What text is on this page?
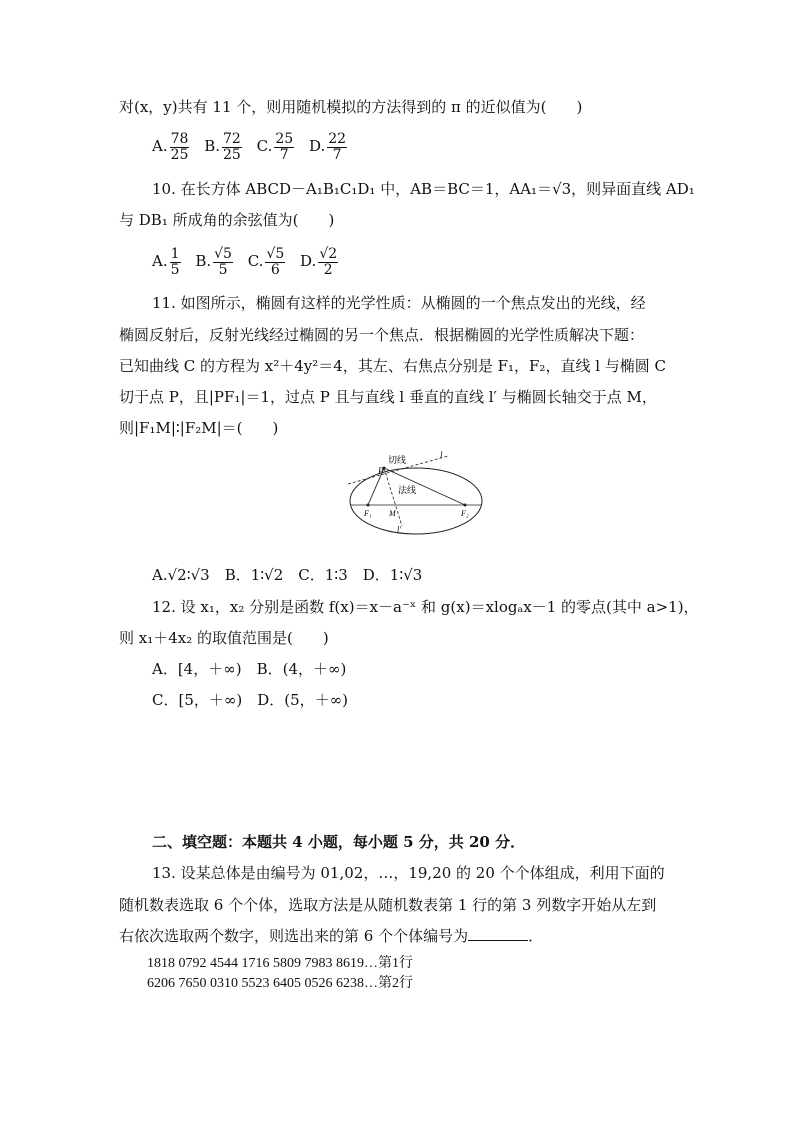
对(x，y)共有 11 个，则用随机模拟的方法得到的 π 的近似值为(　　)
A. $\frac{78}{25} B$. $\frac{72}{25} C$. $\frac{25}{7} D$. $\frac{22}{7}$
10. 在长方体 ABCD－A₁B₁C₁D₁ 中，AB＝BC＝1，AA₁＝√3，则异面直线 AD₁
与 DB₁ 所成角的余弦值为(　　)
A. $\frac{1}{5} B$. $\frac{√5}{5} C$. $\frac{√5}{6} D$. $\frac{√2}{2}$
11. 如图所示，椭圆有这样的光学性质：从椭圆的一个焦点发出的光线，经
椭圆反射后，反射光线经过椭圆的另一个焦点．根据椭圆的光学性质解决下题：
已知曲线 C 的方程为 x²＋4y²＝4，其左、右焦点分别是 F₁，F₂，直线 l 与椭圆 C
切于点 P，且|PF₁|＝1，过点 P 且与直线 l 垂直的直线 l′ 与椭圆长轴交于点 M，
则|F₁M|∶|F₂M|＝(　　)
切线	l
P
法线
F₁ M	F₂
l′
A.√2∶√3　B．1∶√2　C．1∶3　D．1∶√3
12. 设 x₁，x₂ 分别是函数 f(x)＝x－a⁻ˣ 和 g(x)＝xlogₐx－1 的零点(其中 a>1)，
则 x₁＋4x₂ 的取值范围是(　　)
A．[4，＋∞)　B．(4，＋∞)
C．[5，＋∞)　D．(5，＋∞)
二、填空题：本题共 4 小题，每小题 5 分，共 20 分．
13. 设某总体是由编号为 01,02，…，19,20 的 20 个个体组成，利用下面的
随机数表选取 6 个个体，选取方法是从随机数表第 1 行的第 3 列数字开始从左到
右依次选取两个数字，则选出来的第 6 个个体编号为	．
1818 0792 4544 1716 5809 7983 8619…第1行
6206 7650 0310 5523 6405 0526 6238…第2行
